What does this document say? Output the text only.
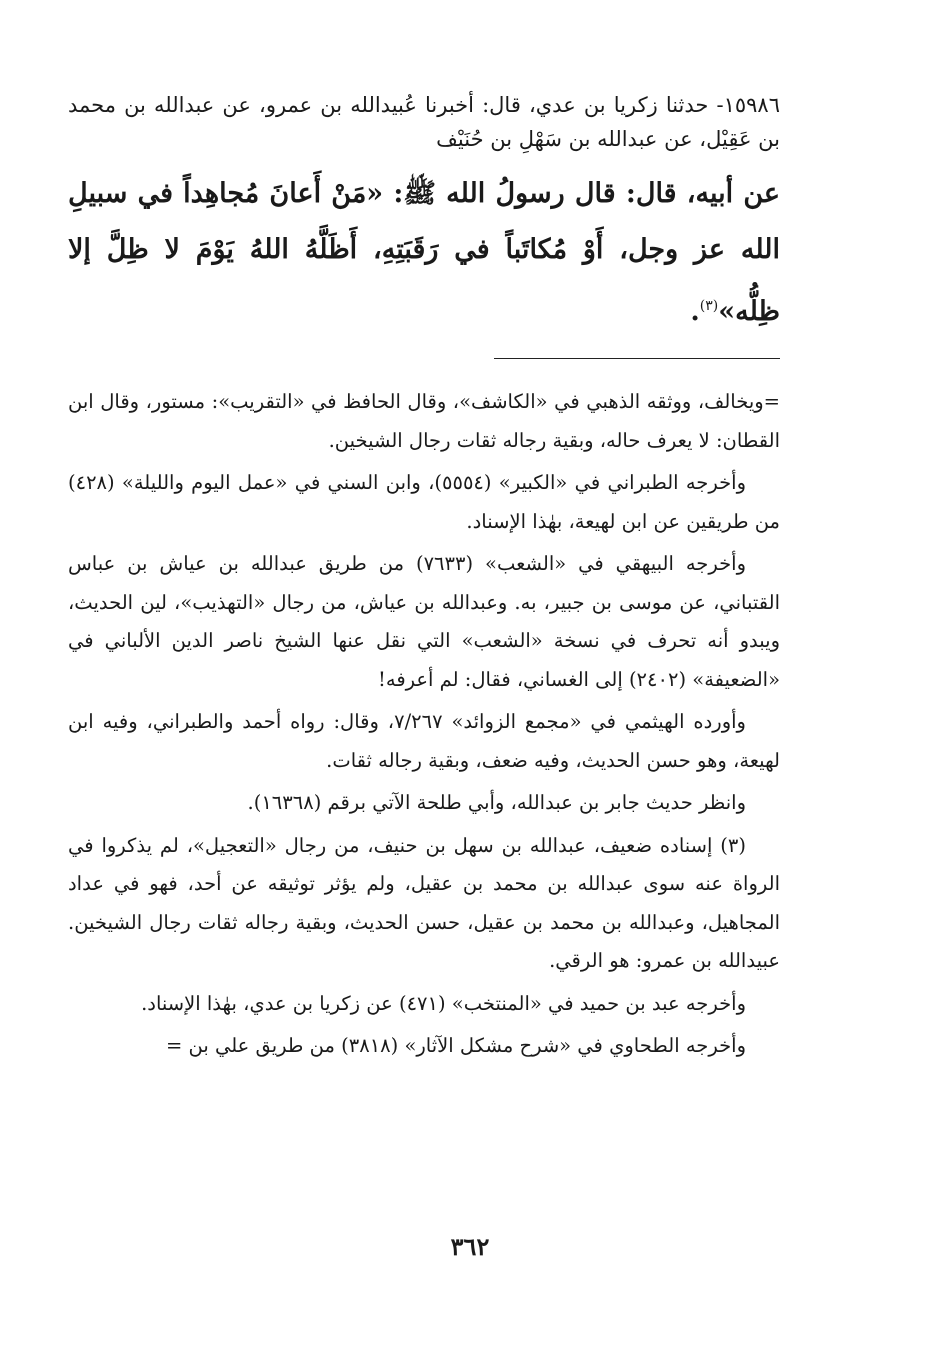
١٥٩٨٦- حدثنا زكريا بن عدي، قال: أخبرنا عُبيدالله بن عمرو، عن عبدالله بن محمد بن عَقِيْل، عن عبدالله بن سَهْلِ بن حُنَيْف

عن أبيه، قال: قال رسولُ الله ﷺ: «مَنْ أَعانَ مُجاهِداً في سبيلِ الله عز وجل، أَوْ مُكاتَباً في رَقَبَتِهِ، أَظَلَّهُ اللهُ يَوْمَ لا ظِلَّ إلا ظِلُّه»$^{(٣)}$.

=ويخالف، ووثقه الذهبي في «الكاشف»، وقال الحافظ في «التقريب»: مستور، وقال ابن القطان: لا يعرف حاله، وبقية رجاله ثقات رجال الشيخين.

وأخرجه الطبراني في «الكبير» (٥٥٥٤)، وابن السني في «عمل اليوم والليلة» (٤٢٨) من طريقين عن ابن لهيعة، بهٰذا الإسناد.

وأخرجه البيهقي في «الشعب» (٧٦٣٣) من طريق عبدالله بن عياش بن عباس القتباني، عن موسى بن جبير، به. وعبدالله بن عياش، من رجال «التهذيب»، لين الحديث، ويبدو أنه تحرف في نسخة «الشعب» التي نقل عنها الشيخ ناصر الدين الألباني في «الضعيفة» (٢٤٠٢) إلى الغساني، فقال: لم أعرفه!

وأورده الهيثمي في «مجمع الزوائد» ٧/٢٦٧، وقال: رواه أحمد والطبراني، وفيه ابن لهيعة، وهو حسن الحديث، وفيه ضعف، وبقية رجاله ثقات.

وانظر حديث جابر بن عبدالله، وأبي طلحة الآتي برقم (١٦٣٦٨).

(٣) إسناده ضعيف، عبدالله بن سهل بن حنيف، من رجال «التعجيل»، لم يذكروا في الرواة عنه سوى عبدالله بن محمد بن عقيل، ولم يؤثر توثيقه عن أحد، فهو في عداد المجاهيل، وعبدالله بن محمد بن عقيل، حسن الحديث، وبقية رجاله ثقات رجال الشيخين. عبيدالله بن عمرو: هو الرقي.

وأخرجه عبد بن حميد في «المنتخب» (٤٧١) عن زكريا بن عدي، بهٰذا الإسناد.

وأخرجه الطحاوي في «شرح مشكل الآثار» (٣٨١٨) من طريق علي بن =

٣٦٢
